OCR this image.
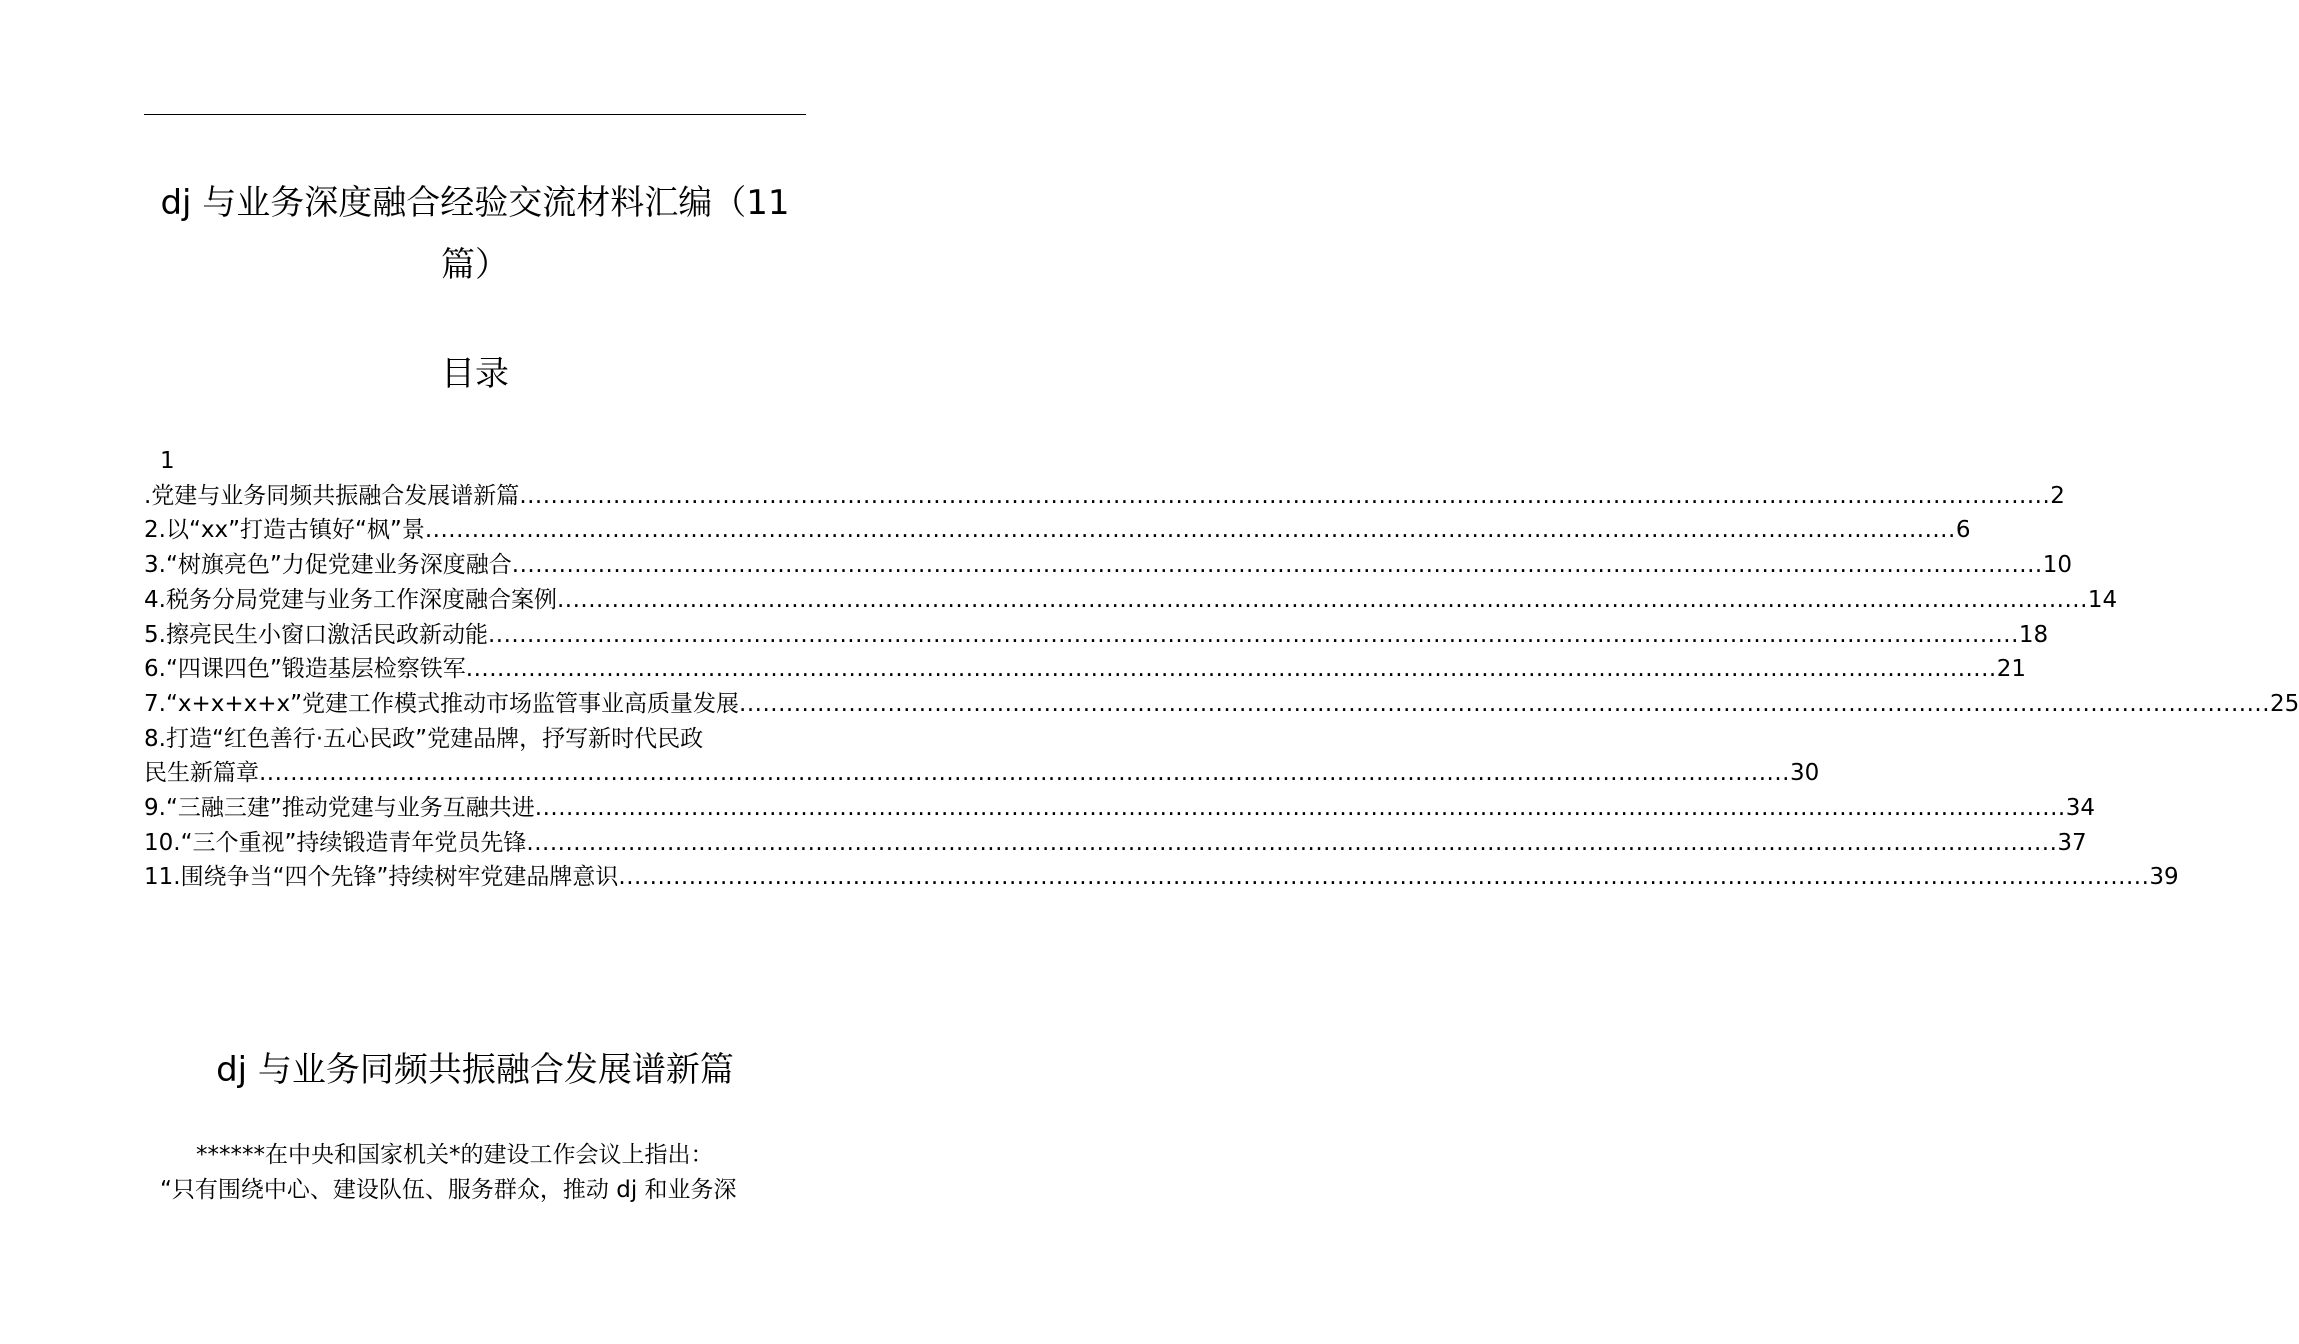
dj 与业务深度融合经验交流材料汇编（11
篇）
目录
1
.党建与业务同频共振融合发展谱新篇 .....	2
2.以“xx”打造古镇好“枫”景 .....	6
3.“树旗亮色”力促党建业务深度融合 .....	10
4.税务分局党建与业务工作深度融合案例 .....	14
5.擦亮民生小窗口激活民政新动能 .....	18
6.“四课四色”锻造基层检察铁军 .....	21
7.“x+x+x+x”党建工作模式推动市场监管事业高质量发展 .....	25
8.打造“红色善行·五心民政”党建品牌，抒写新时代民政
民生新篇章 .....	30
9.“三融三建”推动党建与业务互融共进 .....	34
10.“三个重视”持续锻造青年党员先锋 .....	37
11.围绕争当“四个先锋”持续树牢党建品牌意识 .....	39
dj 与业务同频共振融合发展谱新篇
******在中央和国家机关*的建设工作会议上指出：
“只有围绕中心、建设队伍、服务群众，推动 dj 和业务深
